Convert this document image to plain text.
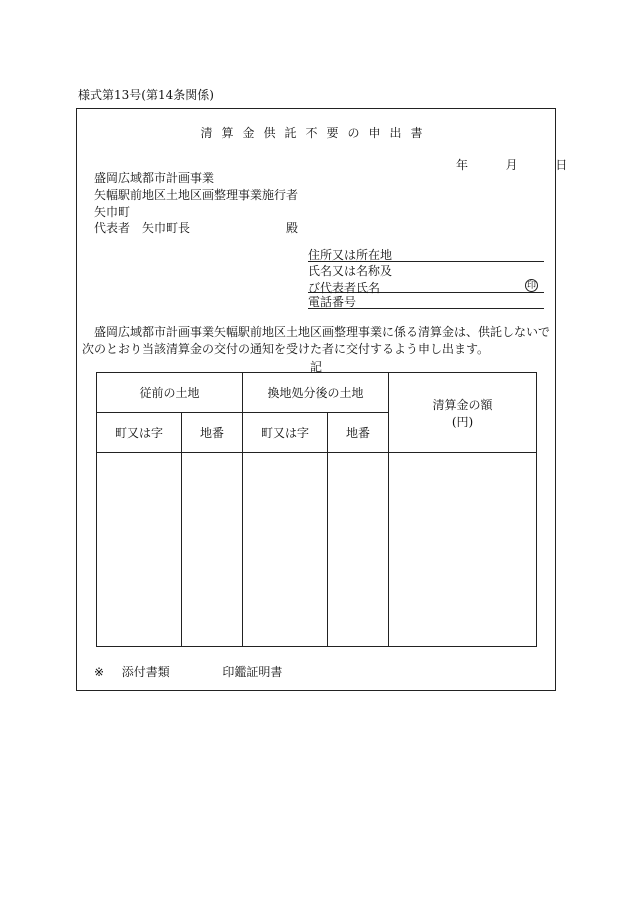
様式第13号(第14条関係)
清算金供託不要の申出書
年	月	日
盛岡広域都市計画事業
矢幅駅前地区土地区画整理事業施行者
矢巾町
代表者　矢巾町長	殿
住所又は所在地
氏名又は名称及
び代表者氏名	印
電話番号
盛岡広域都市計画事業矢幅駅前地区土地区画整理事業に係る清算金は、供託しないで次のとおり当該清算金の交付の通知を受けた者に交付するよう申し出ます。
記
従前の土地		換地処分後の土地		清算金の額
(円)

町又は字	地番	町又は字	地番	

※ 添付書類	印鑑証明書
